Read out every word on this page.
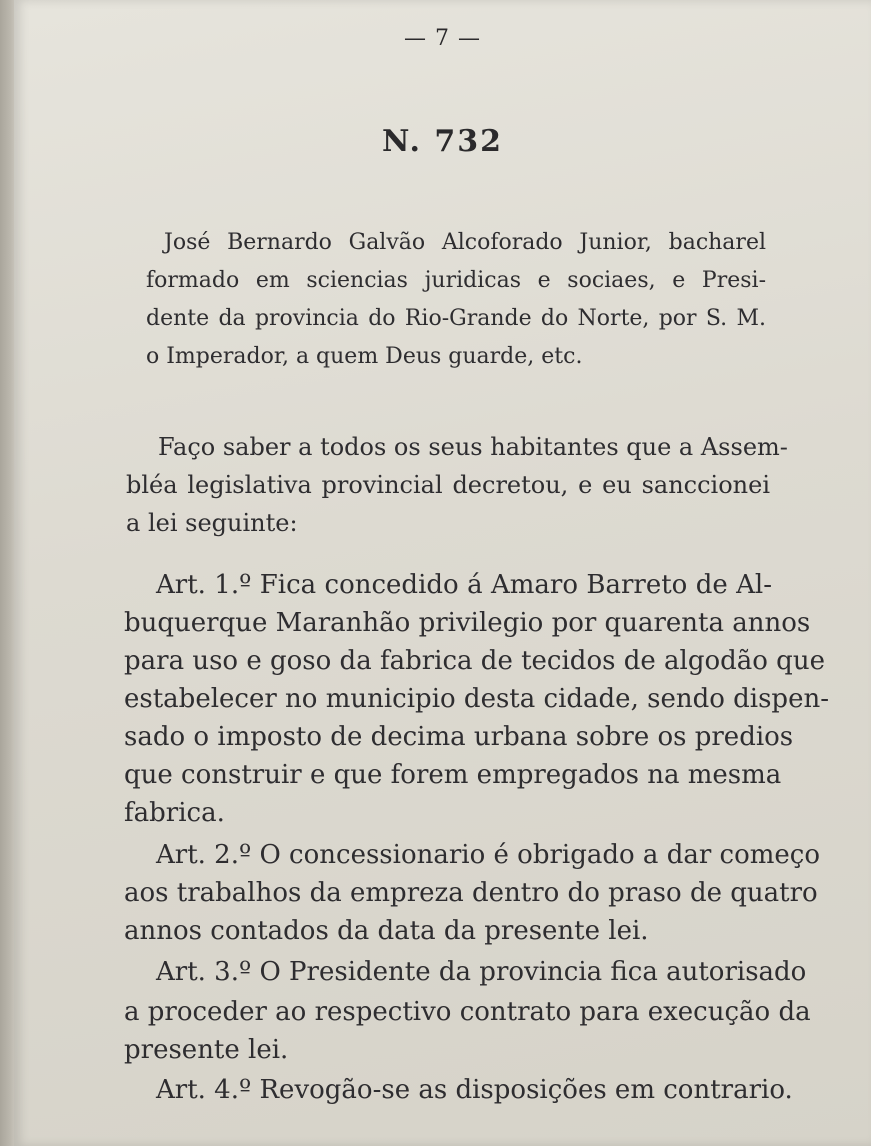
— 7 —
N. 732
José Bernardo Galvão Alcoforado Junior, bacharel
formado em sciencias juridicas e sociaes, e Presi-
dente da provincia do Rio-Grande do Norte, por S. M.
o Imperador, a quem Deus guarde, etc.
Faço saber a todos os seus habitantes que a Assem-
bléa legislativa provincial decretou, e eu sanccionei
a lei seguinte:
Art. 1.º Fica concedido á Amaro Barreto de Al-
buquerque Maranhão privilegio por quarenta annos
para uso e goso da fabrica de tecidos de algodão que
estabelecer no municipio desta cidade, sendo dispen-
sado o imposto de decima urbana sobre os predios
que construir e que forem empregados na mesma
fabrica.
Art. 2.º O concessionario é obrigado a dar começo
aos trabalhos da empreza dentro do praso de quatro
annos contados da data da presente lei.
Art. 3.º O Presidente da provincia fica autorisado
a proceder ao respectivo contrato para execução da
presente lei.
Art. 4.º Revogão-se as disposições em contrario.
